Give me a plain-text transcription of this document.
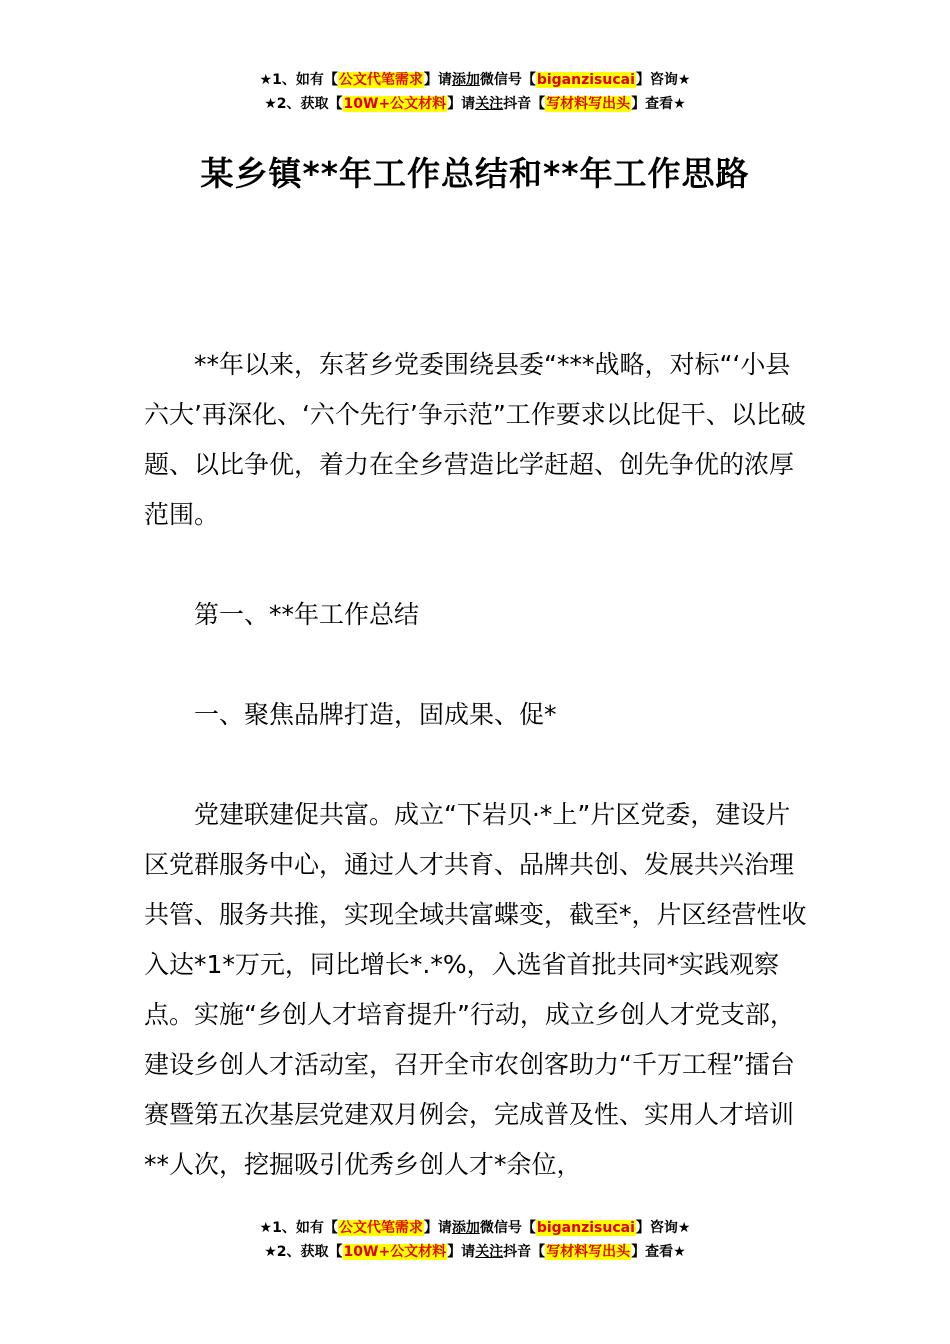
★1、如有【公文代笔需求】请添加微信号【biganzisucai】咨询★
★2、获取【10W+公文材料】请关注抖音【写材料写出头】查看★
某乡镇**年工作总结和**年工作思路

**年以来，东茗乡党委围绕县委“***战略，对标“‘小县六大’再深化、‘六个先行’争示范”工作要求以比促干、以比破题、以比争优，着力在全乡营造比学赶超、创先争优的浓厚范围。

第一、**年工作总结

一、聚焦品牌打造，固成果、促*

党建联建促共富。成立“下岩贝·*上”片区党委，建设片区党群服务中心，通过人才共育、品牌共创、发展共兴治理共管、服务共推，实现全域共富蝶变，截至*，片区经营性收入达*1*万元，同比增长*.*%，入选省首批共同*实践观察点。实施“乡创人才培育提升”行动，成立乡创人才党支部，建设乡创人才活动室，召开全市农创客助力“千万工程”擂台赛暨第五次基层党建双月例会，完成普及性、实用人才培训**人次，挖掘吸引优秀乡创人才*余位，

★1、如有【公文代笔需求】请添加微信号【biganzisucai】咨询★
★2、获取【10W+公文材料】请关注抖音【写材料写出头】查看★
